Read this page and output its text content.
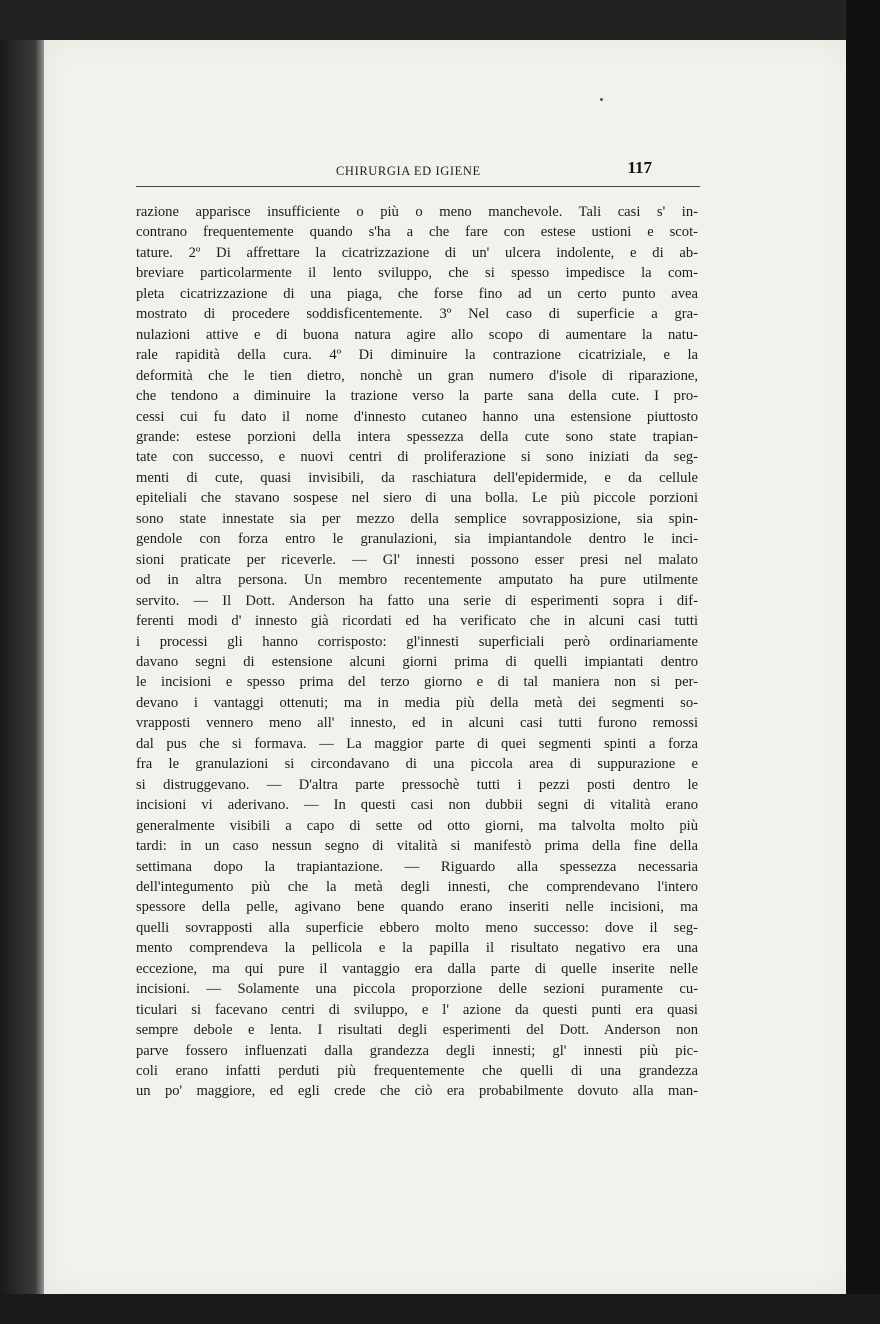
CHIRURGIA ED IGIENE	117
razione apparisce insufficiente o più o meno manchevole. Tali casi s' in-
contrano frequentemente quando s'ha a che fare con estese ustioni e scot-
tature. 2º Di affrettare la cicatrizzazione di un' ulcera indolente, e di ab-
breviare particolarmente il lento sviluppo, che si spesso impedisce la com-
pleta cicatrizzazione di una piaga, che forse fino ad un certo punto avea
mostrato di procedere soddisficentemente. 3º Nel caso di superficie a gra-
nulazioni attive e di buona natura agire allo scopo di aumentare la natu-
rale rapidità della cura. 4º Di diminuire la contrazione cicatriziale, e la
deformità che le tien dietro, nonchè un gran numero d'isole di riparazione,
che tendono a diminuire la trazione verso la parte sana della cute. I pro-
cessi cui fu dato il nome d'innesto cutaneo hanno una estensione piuttosto
grande: estese porzioni della intera spessezza della cute sono state trapian-
tate con successo, e nuovi centri di proliferazione si sono iniziati da seg-
menti di cute, quasi invisibili, da raschiatura dell'epidermide, e da cellule
epiteliali che stavano sospese nel siero di una bolla. Le più piccole porzioni
sono state innestate sia per mezzo della semplice sovrapposizione, sia spin-
gendole con forza entro le granulazioni, sia impiantandole dentro le inci-
sioni praticate per riceverle. — Gl' innesti possono esser presi nel malato
od in altra persona. Un membro recentemente amputato ha pure utilmente
servito. — Il Dott. Anderson ha fatto una serie di esperimenti sopra i dif-
ferenti modi d' innesto già ricordati ed ha verificato che in alcuni casi tutti
i processi gli hanno corrisposto: gl'innesti superficiali però ordinariamente
davano segni di estensione alcuni giorni prima di quelli impiantati dentro
le incisioni e spesso prima del terzo giorno e di tal maniera non si per-
devano i vantaggi ottenuti; ma in media più della metà dei segmenti so-
vrapposti vennero meno all' innesto, ed in alcuni casi tutti furono remossi
dal pus che si formava. — La maggior parte di quei segmenti spinti a forza
fra le granulazioni si circondavano di una piccola area di suppurazione e
si distruggevano. — D'altra parte pressochè tutti i pezzi posti dentro le
incisioni vi aderivano. — In questi casi non dubbii segni di vitalità erano
generalmente visibili a capo di sette od otto giorni, ma talvolta molto più
tardi: in un caso nessun segno di vitalità si manifestò prima della fine della
settimana dopo la trapiantazione. — Riguardo alla spessezza necessaria
dell'integumento più che la metà degli innesti, che comprendevano l'intero
spessore della pelle, agivano bene quando erano inseriti nelle incisioni, ma
quelli sovrapposti alla superficie ebbero molto meno successo: dove il seg-
mento comprendeva la pellicola e la papilla il risultato negativo era una
eccezione, ma qui pure il vantaggio era dalla parte di quelle inserite nelle
incisioni. — Solamente una piccola proporzione delle sezioni puramente cu-
ticulari si facevano centri di sviluppo, e l' azione da questi punti era quasi
sempre debole e lenta. I risultati degli esperimenti del Dott. Anderson non
parve fossero influenzati dalla grandezza degli innesti; gl' innesti più pic-
coli erano infatti perduti più frequentemente che quelli di una grandezza
un po' maggiore, ed egli crede che ciò era probabilmente dovuto alla man-
